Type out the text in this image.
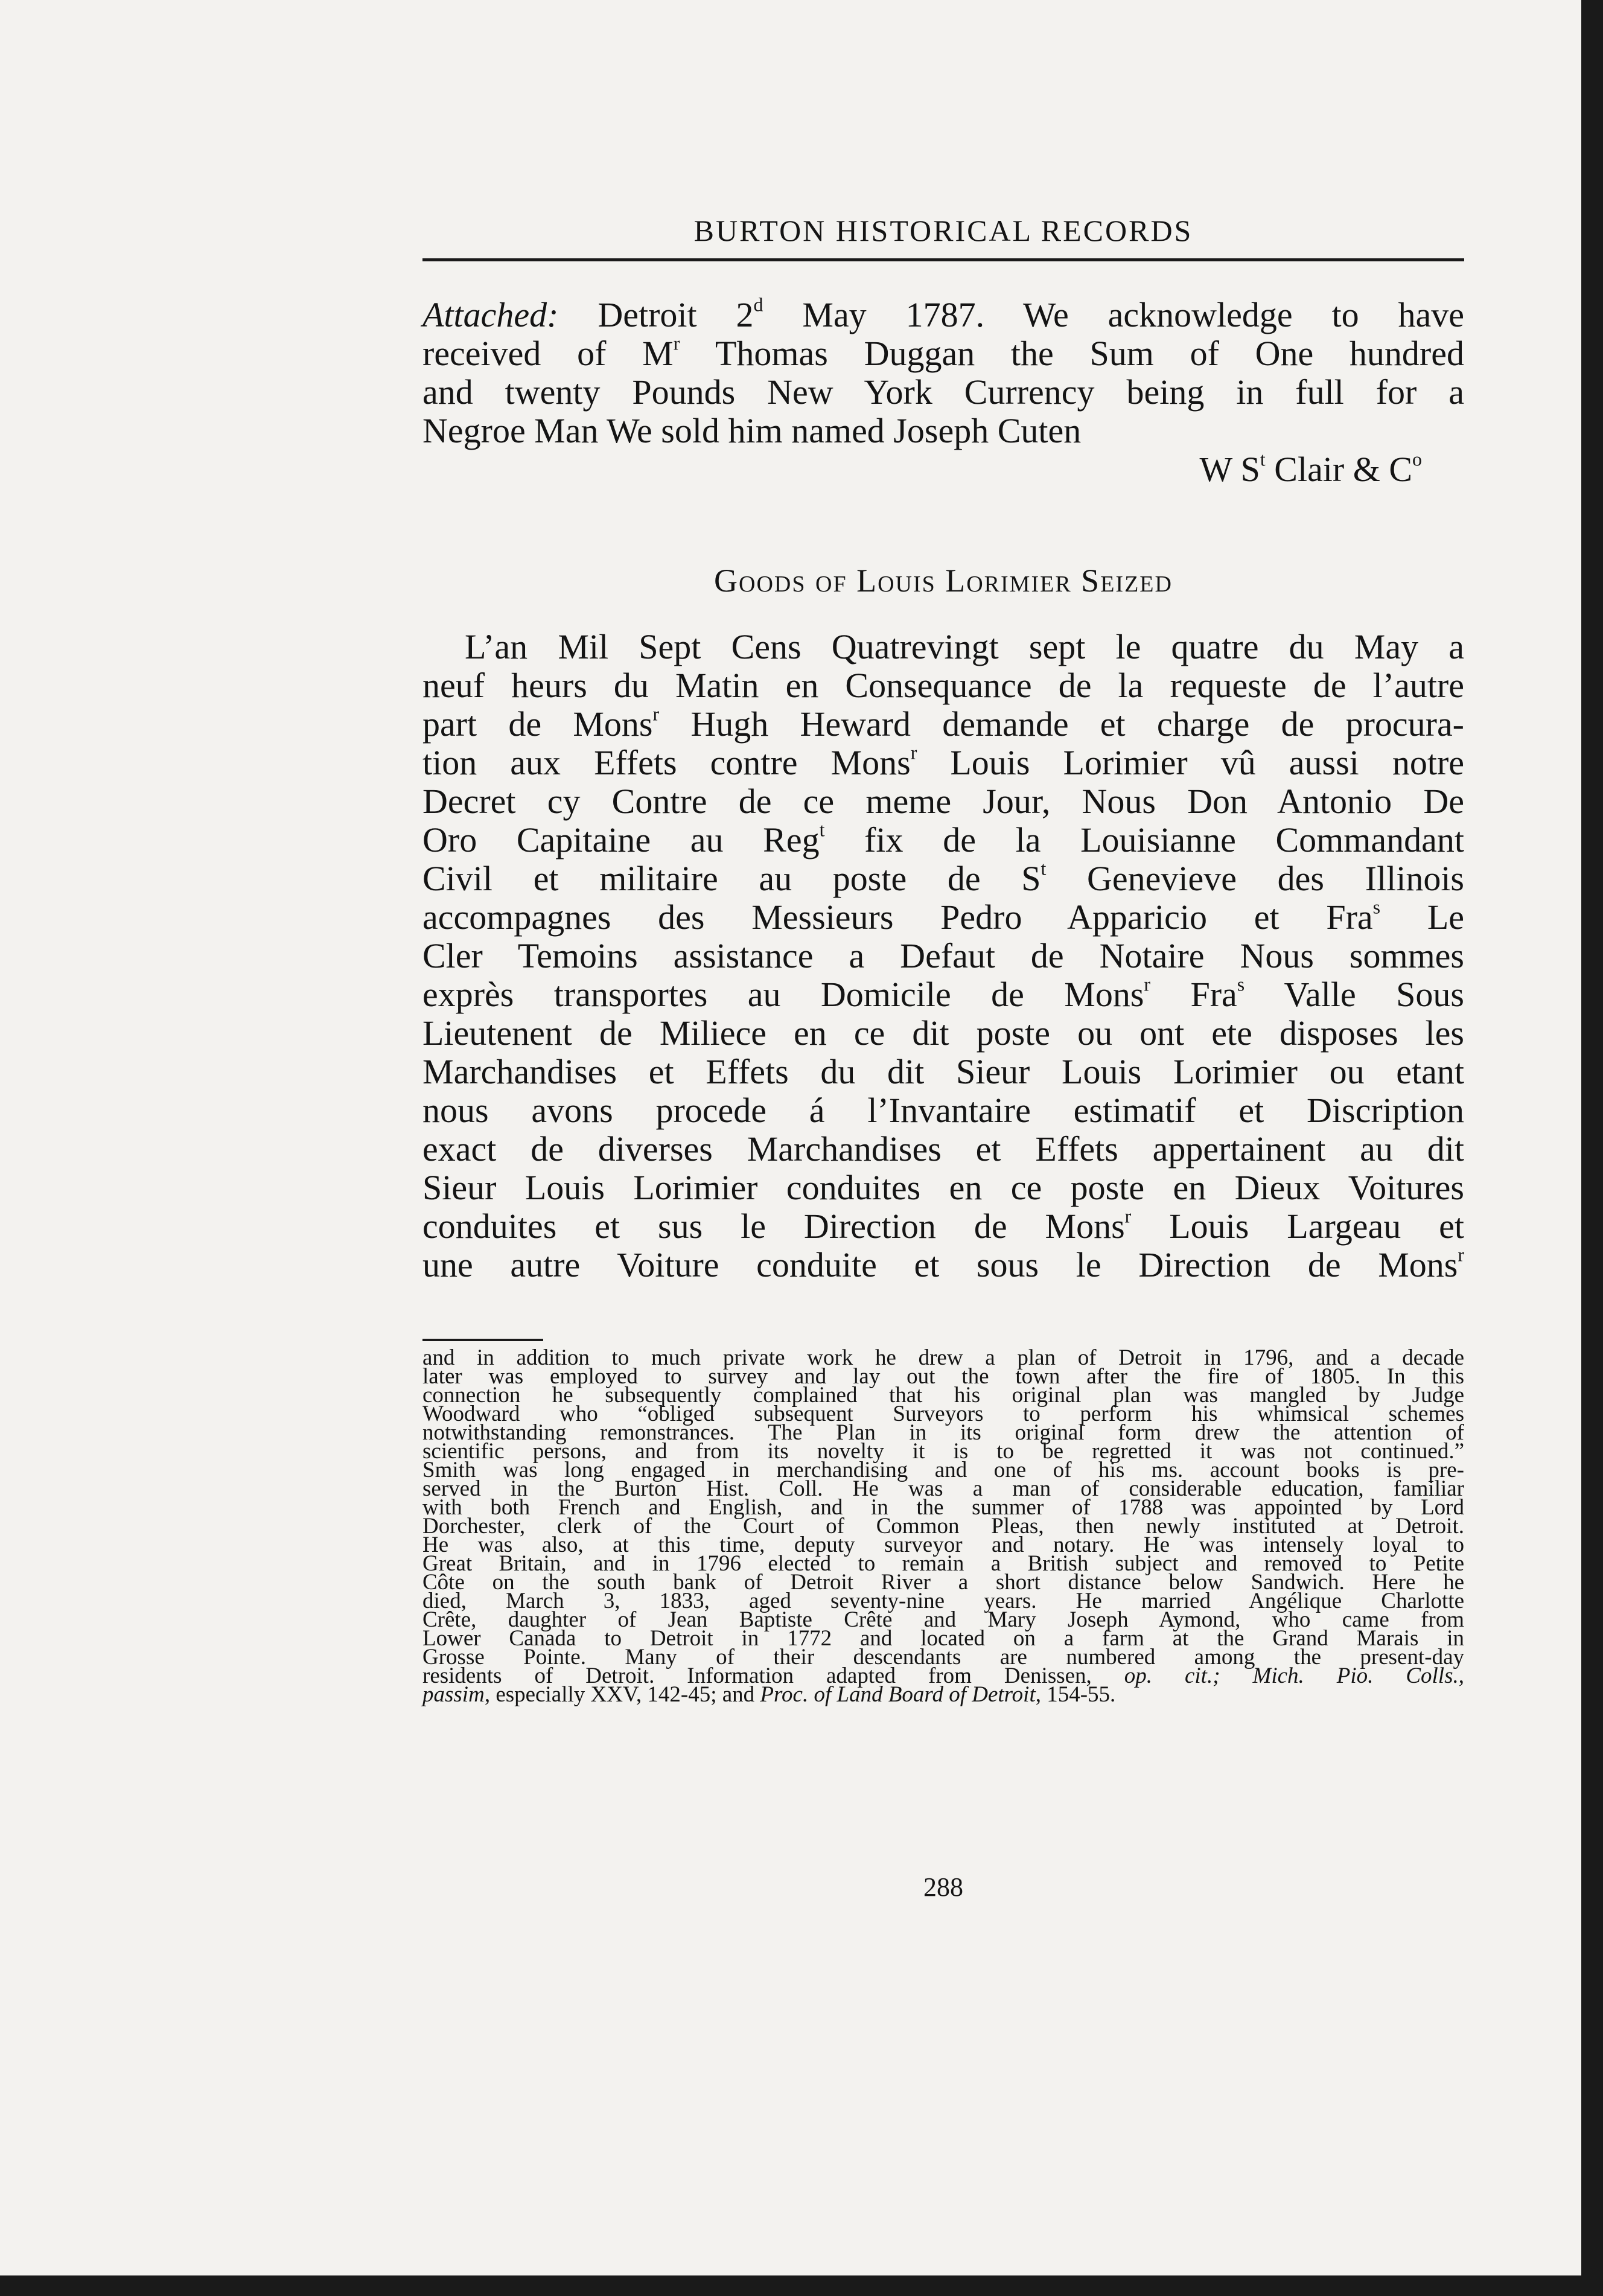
BURTON HISTORICAL RECORDS
Attached: Detroit 2$^d$ May 1787. We acknowledge to have
received of $M^r$ Thomas Duggan the Sum of One hundred
and twenty Pounds New York Currency being in full for a
Negroe Man We sold him named Joseph Cuten
W $S^t$ Clair & $C^o$
Goods of Louis Lorimier Seized
L’an Mil Sept Cens Quatrevingt sept le quatre du May a
neuf heurs du Matin en Consequance de la requeste de l’autre
part de Mons$^r$ Hugh Heward demande et charge de procura-
tion aux Effets contre Mons$^r$ Louis Lorimier vû aussi notre
Decret cy Contre de ce meme Jour, Nous Don Antonio De
Oro Capitaine au Reg$^t$ fix de la Louisianne Commandant
Civil et militaire au poste de $S^t$ Genevieve des Illinois
accompagnes des Messieurs Pedro Apparicio et Fra$^s$ Le
Cler Temoins assistance a Defaut de Notaire Nous sommes
exprès transportes au Domicile de Mons$^r$ Fra$^s$ Valle Sous
Lieutenent de Miliece en ce dit poste ou ont ete disposes les
Marchandises et Effets du dit Sieur Louis Lorimier ou etant
nous avons procede á l’Invantaire estimatif et Discription
exact de diverses Marchandises et Effets appertainent au dit
Sieur Louis Lorimier conduites en ce poste en Dieux Voitures
conduites et sus le Direction de Mons$^r$ Louis Largeau et
une autre Voiture conduite et sous le Direction de Mons$^r$
and in addition to much private work he drew a plan of Detroit in 1796, and a decade
later was employed to survey and lay out the town after the fire of 1805. In this
connection he subsequently complained that his original plan was mangled by Judge
Woodward who “obliged subsequent Surveyors to perform his whimsical schemes
notwithstanding remonstrances. The Plan in its original form drew the attention of
scientific persons, and from its novelty it is to be regretted it was not continued.”
Smith was long engaged in merchandising and one of his ms. account books is pre-
served in the Burton Hist. Coll. He was a man of considerable education, familiar
with both French and English, and in the summer of 1788 was appointed by Lord
Dorchester, clerk of the Court of Common Pleas, then newly instituted at Detroit.
He was also, at this time, deputy surveyor and notary. He was intensely loyal to
Great Britain, and in 1796 elected to remain a British subject and removed to Petite
Côte on the south bank of Detroit River a short distance below Sandwich. Here he
died, March 3, 1833, aged seventy-nine years. He married Angélique Charlotte
Crête, daughter of Jean Baptiste Crête and Mary Joseph Aymond, who came from
Lower Canada to Detroit in 1772 and located on a farm at the Grand Marais in
Grosse Pointe. Many of their descendants are numbered among the present-day
residents of Detroit. Information adapted from Denissen, op. cit.; Mich. Pio. Colls.,
passim, especially XXV, 142-45; and Proc. of Land Board of Detroit, 154-55.
288
